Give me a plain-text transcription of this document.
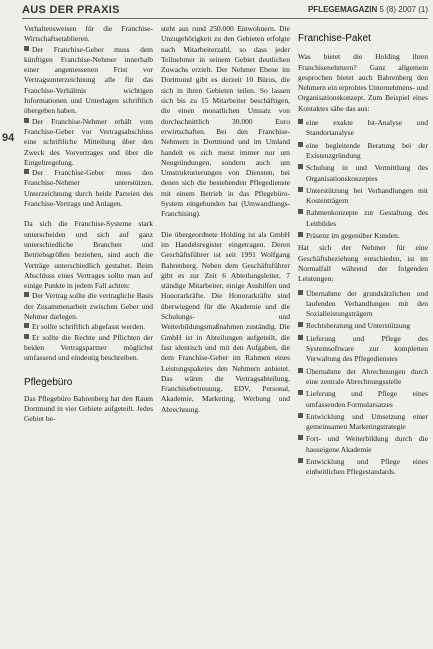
AUS DER PRAXIS	PFLEGEMAGAZIN 5 (8) 2007 (1)
94

Verhaltensweisen für die Franchise-Wirtschaftsetablieren.

Der Franchise-Geber muss dem künftigen Franchise-Nehmer innerhalb einer angemessenen Frist vor Vertragsunterzeichnung alle für das Franchise-Verhältnis wichtigen Informationen und Unterlagen schriftlich übergeben haben.

Der Franchise-Nehmer erhält vom Franchise-Geber vor Vertragsabschluss eine schriftliche Mitteilung über den Zweck des Vorvertrages und über die Entgeltregelung.

Der Franchise-Geber muss den Franchise-Nehmer unterstützen. Unterzeichnung durch beide Parteien des Franchise-Vertrags und Anlagen.

Da sich die Franchise-Systeme stark unterscheiden und sich auf ganz unterschiedliche Branchen und Betriebsgrößen beziehen, sind auch die Verträge unterschiedlich gestaltet. Beim Abschluss eines Vertrages sollte man auf einige Punkte in jedem Fall achten:

Der Vertrag sollte die vertragliche Basis der Zusammenarbeit zwischen Geber und Nehmer darlegen.

Er sollte schriftlich abgefasst werden.

Er sollte die Rechte und Pflichten der beiden Vertragspartner möglichst umfassend und eindeutig beschreiben.

Pflegebüro

Das Pflegebüro Bahrenberg hat den Raum Dortmund in vier Gebiete aufgeteilt. Jedes Gebiet be-

steht aus rund 250.000 Einwohnern. Die Unzugehörigkeit zu den Gebieten erfolgte nach Mitarbeiterzahl, so dass jeder Teilnehmer in seinem Gebiet deutlichen Zuwachs erzielt. Der Nehmer Ebene im Dortmund gibt es derzeit 10 Büros, die sich in ihren Gebieten teilen. So lassen sich bis zu 15 Mitarbeiter beschäftigen, die einen monatlichen Umsatz von durchschnittlich 30.000 Euro erwirtschaften. Bei den Franchise-Nehmern in Dortmund und im Umland handelt es sich meist immer nur um Neugründungen, sondern auch um Umstrukturierungen von Diensten, bei denen sich die bestehenden Pflegedienste mit einem Betrieb in das Pflegebüro-System eingebunden hat (Umwandlungs-Franchising).

Die übergeordnete Holding ist als GmbH im Handelsregister eingetragen. Deren Geschäftsführer ist seit 1991 Wolfgang Bahrenberg. Neben dem Geschäftsführer gibt es zur Zeit 6 Abteilungsleiter, 7 ständige Mitarbeiter, einige Aushilfen und Honorarkräfte. Die Honorarkräfte sind überwiegend für die Akademie und die Schulungs- und Weiterbildungsmaßnahmen zuständig. Die GmbH ist in Abteilungen aufgeteilt, die fast identisch und mit den Aufgaben, die dem Franchise-Geber im Rahmen eines Leistungspaketes den Nehmern anbietet. Das wären die Vertragsabteilung, Franchisebetreuung, EDV, Personal, Akademie, Marketing, Werbung und Abrechnung.

Franchise-Paket

Was bietet die Holding ihren Franchisenehmern? Ganz allgemein gesprochen bietet auch Bahrenberg den Nehmern ein erprobtes Unternehmens- und Organisationskonzept. Zum Beispiel eines Kontaktes sähe das aus:

eine exakte Ist-Analyse und Standortanalyse
eine begleitende Beratung bei der Existenzgründung
Schulung in und Vermittlung des Organisationskonzeptes
Unterstützung bei Verhandlungen mit Kostenträgern
Rahmenkonzepte zur Gestaltung des Leitbildes
Präsenz im gegenüber Kunden.

Hat sich der Nehmer für eine Geschäftsbeziehung entschieden, ist im Normalfall während der folgenden Leistungen:

Übernahme der grundsätzlichen und laufenden Verhandlungen mit den Sozialleistungsträgern
Rechtsberatung und Unterstützung
Lieferung und Pflege des Systemsoftware zur kompletten Verwaltung des Pflegedienstes
Übernahme der Abrechnungen durch eine zentrale Abrechnungsstelle
Lieferung und Pflege eines umfassenden Formularsatzes
Entwicklung und Umsetzung einer gemeinsamen Marketingstrategie
Fort- und Weiterbildung durch die hauseigene Akademie
Entwicklung und Pflege eines einheitlichen Pflegestandards.
